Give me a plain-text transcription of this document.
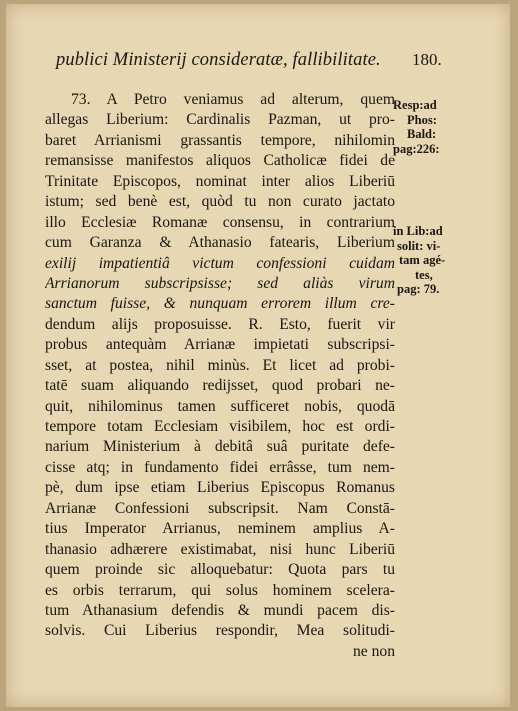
publici Ministerij consideratæ, fallibilitate. 180.
73. A Petro veniamus ad alterum, quem
allegas Liberium: Cardinalis Pazman, ut pro-
baret Arrianismi grassantis tempore, nihilomin
remansisse manifestos aliquos Catholicæ fidei de
Trinitate Episcopos, nominat inter alios Liberiū
istum; sed benè est, quòd tu non curato jactato
illo Ecclesiæ Romanæ consensu, in contrarium
cum Garanza & Athanasio fatearis, Liberium
exilij impatientiâ victum confessioni cuidam
Arrianorum subscripsisse; sed aliàs virum
sanctum fuisse, & nunquam errorem illum cre-
dendum alijs proposuisse. R. Esto, fuerit vir
probus antequàm Arrianæ impietati subscripsi-
sset, at postea, nihil minùs. Et licet ad probi-
tatē suam aliquando redijsset, quod probari ne-
quit, nihilominus tamen sufficeret nobis, quodā
tempore totam Ecclesiam visibilem, hoc est ordi-
narium Ministerium à debitâ suâ puritate defe-
cisse atq; in fundamento fidei errâsse, tum nem-
pè, dum ipse etiam Liberius Episcopus Romanus
Arrianæ Confessioni subscripsit. Nam Constā-
tius Imperator Arrianus, neminem amplius A-
thanasio adhærere existimabat, nisi hunc Liberiū
quem proinde sic alloquebatur: Quota pars tu
es orbis terrarum, qui solus hominem scelera-
tum Athanasium defendis & mundi pacem dis-
solvis. Cui Liberius respondir, Mea solitudi-
ne non
Resp:ad
Phos:
Bald:
pag:226:
in Lib:ad
solit: vi-
tam agé-
tes,
pag: 79.
